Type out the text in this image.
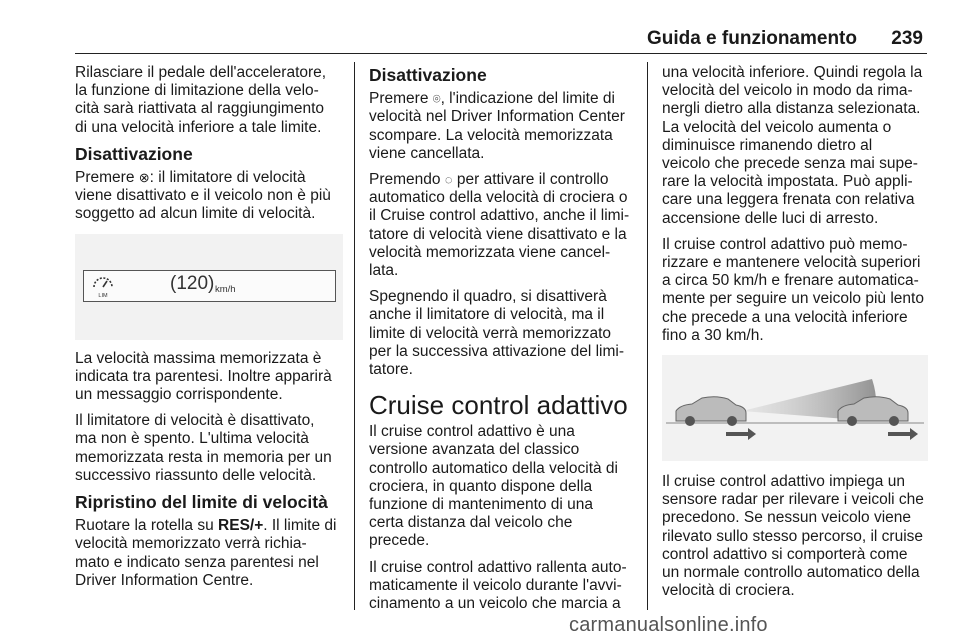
Guida e funzionamento 239

Rilasciare il pedale dell'acceleratore,
la funzione di limitazione della velo-
cità sarà riattivata al raggiungimento
di una velocità inferiore a tale limite.

Disattivazione

Premere ⊗: il limitatore di velocità
viene disattivato e il veicolo non è più
soggetto ad alcun limite di velocità.

LIM
(120) km/h

La velocità massima memorizzata è
indicata tra parentesi. Inoltre apparirà
un messaggio corrispondente.

Il limitatore di velocità è disattivato,
ma non è spento. L'ultima velocità
memorizzata resta in memoria per un
successivo riassunto delle velocità.

Ripristino del limite di velocità

Ruotare la rotella su RES/+. Il limite di
velocità memorizzato verrà richia-
mato e indicato senza parentesi nel
Driver Information Centre.

Disattivazione

Premere ⌾, l'indicazione del limite di
velocità nel Driver Information Center
scompare. La velocità memorizzata
viene cancellata.

Premendo ◌ per attivare il controllo
automatico della velocità di crociera o
il Cruise control adattivo, anche il limi-
tatore di velocità viene disattivato e la
velocità memorizzata viene cancel-
lata.

Spegnendo il quadro, si disattiverà
anche il limitatore di velocità, ma il
limite di velocità verrà memorizzato
per la successiva attivazione del limi-
tatore.

Cruise control adattivo

Il cruise control adattivo è una
versione avanzata del classico
controllo automatico della velocità di
crociera, in quanto dispone della
funzione di mantenimento di una
certa distanza dal veicolo che
precede.

Il cruise control adattivo rallenta auto-
maticamente il veicolo durante l'avvi-
cinamento a un veicolo che marcia a

una velocità inferiore. Quindi regola la
velocità del veicolo in modo da rima-
nergli dietro alla distanza selezionata.
La velocità del veicolo aumenta o
diminuisce rimanendo dietro al
veicolo che precede senza mai supe-
rare la velocità impostata. Può appli-
care una leggera frenata con relativa
accensione delle luci di arresto.

Il cruise control adattivo può memo-
rizzare e mantenere velocità superiori
a circa 50 km/h e frenare automatica-
mente per seguire un veicolo più lento
che precede a una velocità inferiore
fino a 30 km/h.

Il cruise control adattivo impiega un
sensore radar per rilevare i veicoli che
precedono. Se nessun veicolo viene
rilevato sullo stesso percorso, il cruise
control adattivo si comporterà come
un normale controllo automatico della
velocità di crociera.

carmanualsonline.info
